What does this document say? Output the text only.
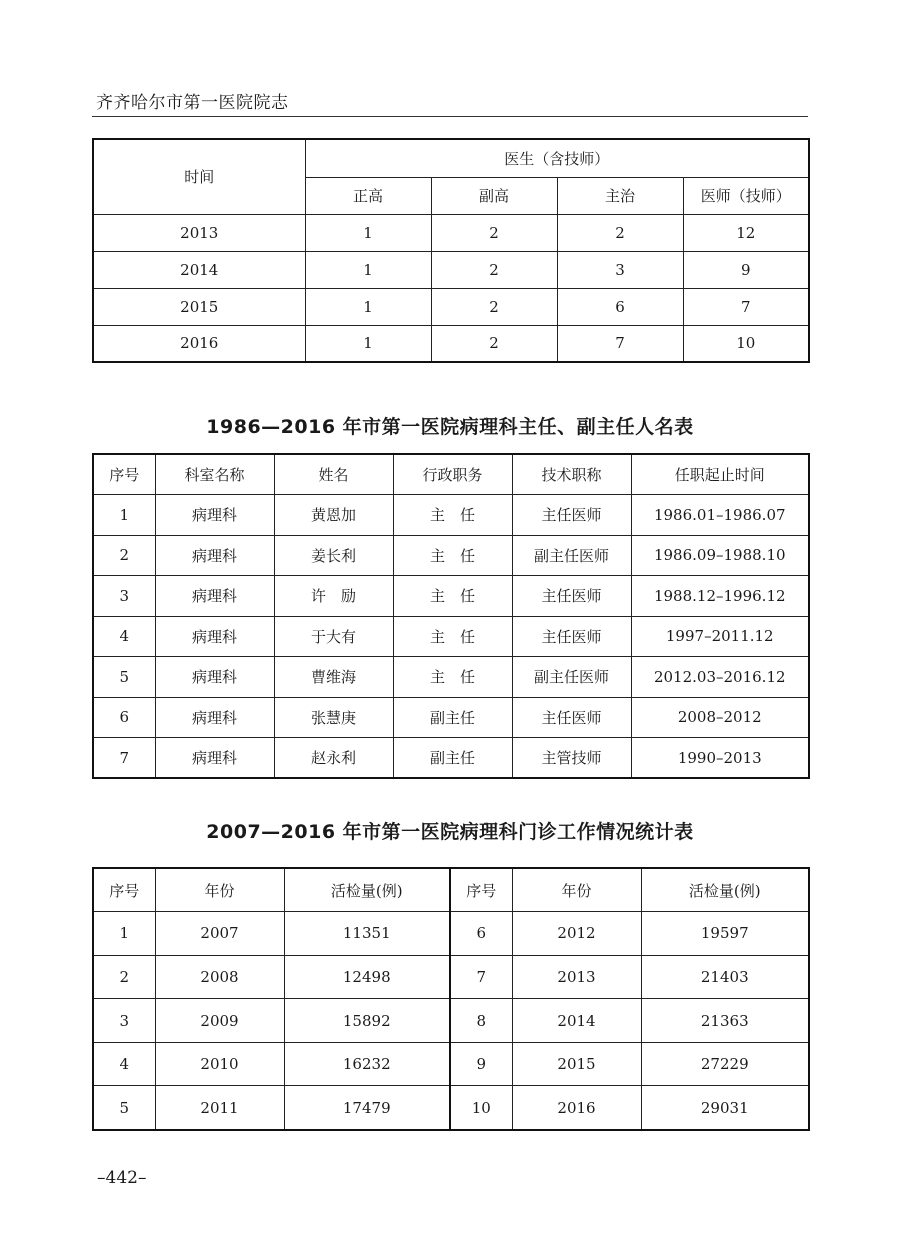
齐齐哈尔市第一医院院志
时间	医生（含技师）			
	正高	副高	主治	医师（技师）
2013	1	2	2	12
2014	1	2	3	9
2015	1	2	6	7
2016	1	2	7	10
1986—2016 年市第一医院病理科主任、副主任人名表
序号	科室名称	姓名	行政职务	技术职称	任职起止时间
1	病理科	黄恩加	主　任	主任医师	1986.01–1986.07
2	病理科	姜长利	主　任	副主任医师	1986.09–1988.10
3	病理科	许　励	主　任	主任医师	1988.12–1996.12
4	病理科	于大有	主　任	主任医师	1997–2011.12
5	病理科	曹维海	主　任	副主任医师	2012.03–2016.12
6	病理科	张慧庚	副主任	主任医师	2008–2012
7	病理科	赵永利	副主任	主管技师	1990–2013
2007—2016 年市第一医院病理科门诊工作情况统计表
序号	年份	活检量(例)	序号	年份	活检量(例)
1	2007	11351	6	2012	19597
2	2008	12498	7	2013	21403
3	2009	15892	8	2014	21363
4	2010	16232	9	2015	27229
5	2011	17479	10	2016	29031
–442–
